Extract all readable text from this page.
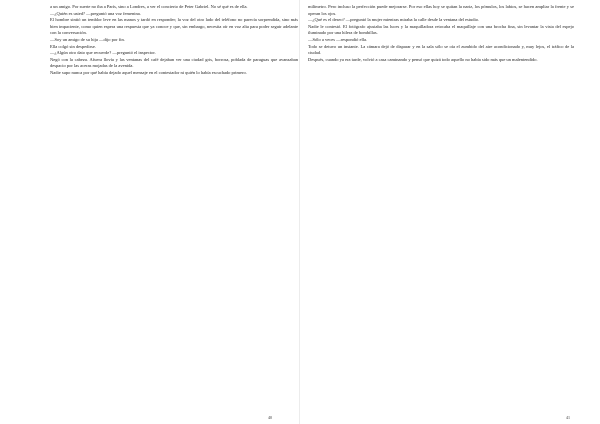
a un amigo. Por suerte no iba a París, sino a Londres, a ver el concierto de Peter Gabriel. No sé qué es de ella.

—¿Quién es usted? —preguntó una voz femenina.

El hombre sintió un temblor leve en las manos y tardó en responder; la voz del otro lado del teléfono no parecía sorprendida, sino más bien impaciente, como quien espera una respuesta que ya conoce y que, sin embargo, necesita oír en voz alta para poder seguir adelante con la conversación.

—Soy un amigo de su hija —dijo por fin.

Ella colgó sin despedirse.

—¿Algún otro dato que recuerde? —preguntó el inspector.

Negó con la cabeza. Afuera llovía y las ventanas del café dejaban ver una ciudad gris, borrosa, poblada de paraguas que avanzaban despacio por las aceras mojadas de la avenida.

Nadie supo nunca por qué había dejado aquel mensaje en el contestador ni quién lo había escuchado primero.

40

milímetro. Pero incluso la perfección puede mejorarse. Por eso ellas hoy se quitan la nariz, los pómulos, los labios, se hacen ampliar la frente y se operan los ojos.

—¿Qué es el deseo? —preguntó la mujer mientras miraba la calle desde la ventana del estudio.

Nadie le contestó. El fotógrafo ajustaba las luces y la maquilladora retocaba el maquillaje con una brocha fina, sin levantar la vista del espejo iluminado por una hilera de bombillas.

—Sólo a veces —respondió ella.

Todo se detuvo un instante. La cámara dejó de disparar y en la sala sólo se oía el zumbido del aire acondicionado y, muy lejos, el tráfico de la ciudad.

Después, cuando ya era tarde, volvió a casa caminando y pensó que quizá todo aquello no había sido más que un malentendido.

41
